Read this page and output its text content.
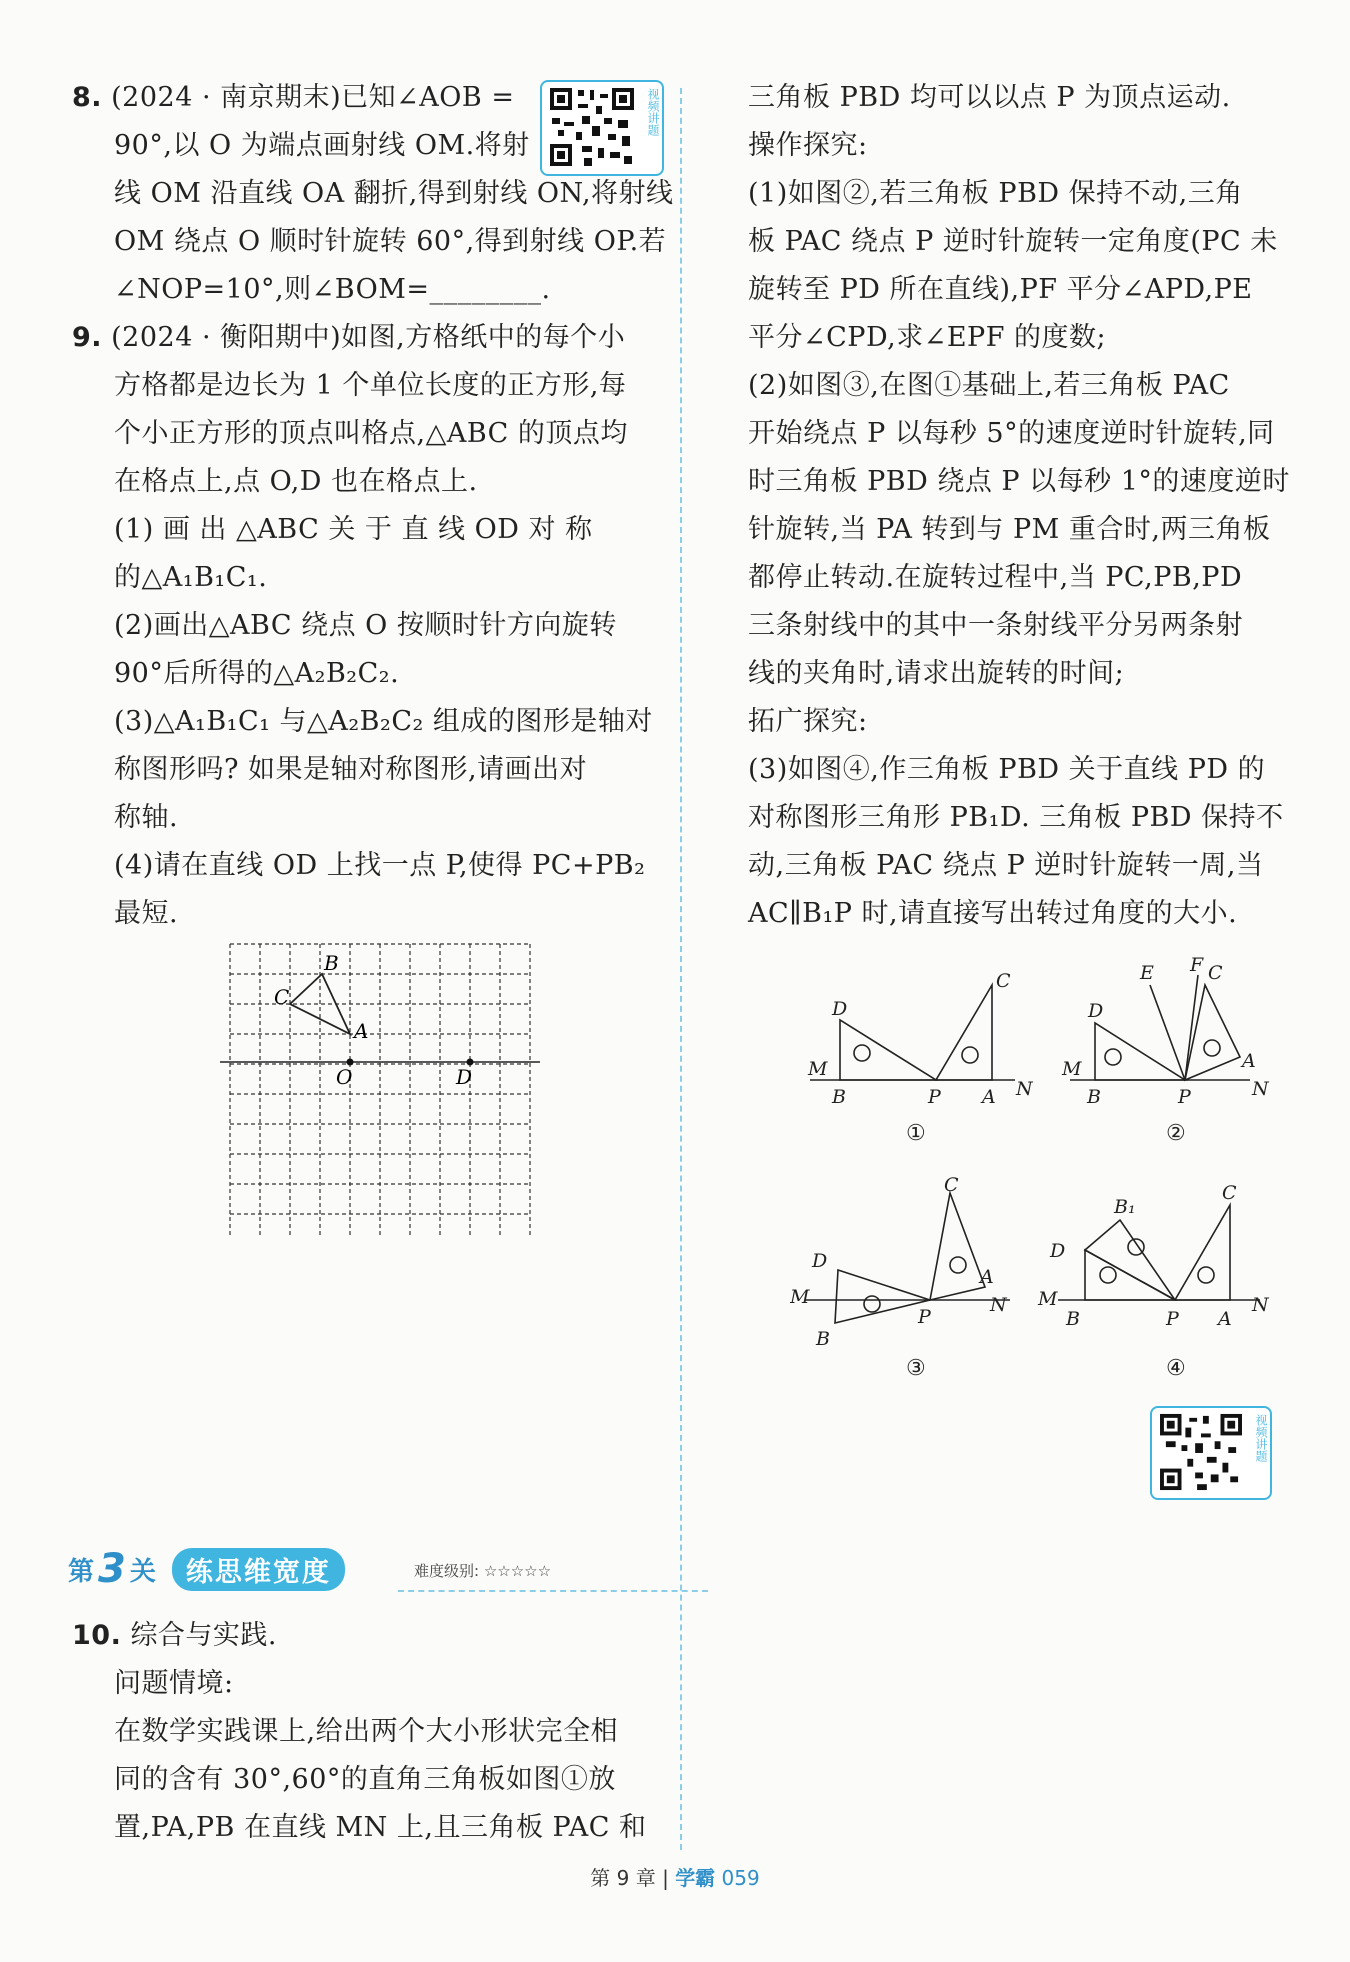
8. (2024 · 南京期末)已知∠AOB =
90°,以 O 为端点画射线 OM.将射
线 OM 沿直线 OA 翻折,得到射线 ON,将射线
OM 绕点 O 顺时针旋转 60°,得到射线 OP.若
∠NOP=10°,则∠BOM=________.
9. (2024 · 衡阳期中)如图,方格纸中的每个小
方格都是边长为 1 个单位长度的正方形,每
个小正方形的顶点叫格点,△ABC 的顶点均
在格点上,点 O,D 也在格点上.
(1) 画 出 △ABC 关 于 直 线 OD 对 称
的△A₁B₁C₁.
(2)画出△ABC 绕点 O 按顺时针方向旋转
90°后所得的△A₂B₂C₂.
(3)△A₁B₁C₁ 与△A₂B₂C₂ 组成的图形是轴对
称图形吗? 如果是轴对称图形,请画出对
称轴.
(4)请在直线 OD 上找一点 P,使得 PC+PB₂
最短.
视频讲题
B
C
A
O	D
第 3 关	练思维宽度	难度级别: ☆☆☆☆☆
10. 综合与实践.
问题情境:
在数学实践课上,给出两个大小形状完全相
同的含有 30°,60°的直角三角板如图①放
置,PA,PB 在直线 MN 上,且三角板 PAC 和
三角板 PBD 均可以以点 P 为顶点运动.
操作探究:
(1)如图②,若三角板 PBD 保持不动,三角
板 PAC 绕点 P 逆时针旋转一定角度(PC 未
旋转至 PD 所在直线),PF 平分∠APD,PE
平分∠CPD,求∠EPF 的度数;
(2)如图③,在图①基础上,若三角板 PAC
开始绕点 P 以每秒 5°的速度逆时针旋转,同
时三角板 PBD 绕点 P 以每秒 1°的速度逆时
针旋转,当 PA 转到与 PM 重合时,两三角板
都停止转动.在旋转过程中,当 PC,PB,PD
三条射线中的其中一条射线平分另两条射
线的夹角时,请求出旋转的时间;
拓广探究:
(3)如图④,作三角板 PBD 关于直线 PD 的
对称图形三角形 PB₁D. 三角板 PBD 保持不
动,三角板 PAC 绕点 P 逆时针旋转一周,当
AC∥B₁P 时,请直接写出转过角度的大小.
D
C
M
B	P A N
E F C
D
A
M
B	P	N
C
D
A
M
P
N
B
B₁
C
D
M
B	P A
N
①	②
③	④
视频讲题
第 9 章 | 学霸 059
